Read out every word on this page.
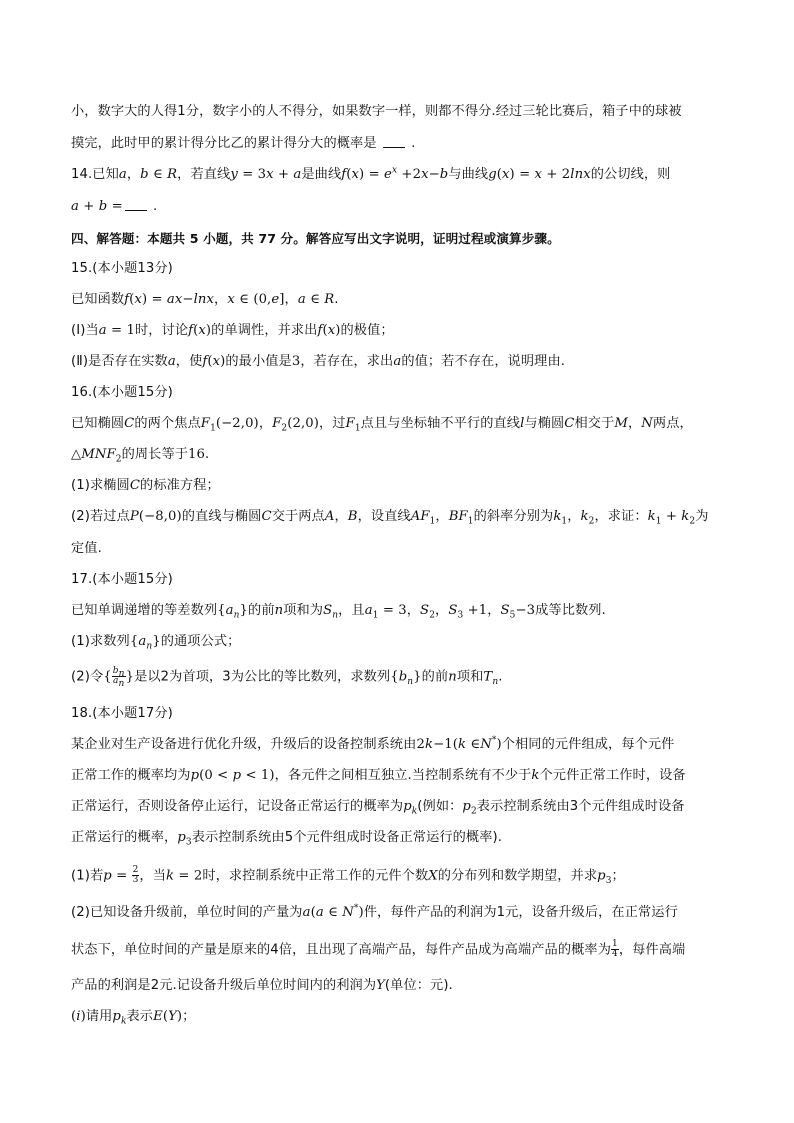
小，数字大的人得1分，数字小的人不得分，如果数字一样，则都不得分.经过三轮比赛后，箱子中的球被
摸完，此时甲的累计得分比乙的累计得分大的概率是  .
14.已知a，b ∈ R，若直线y = 3x + a是曲线$f(x) = e^x +2x-b$与曲线g(x) = x + 2lnx的公切线，则
a + b = .
四、解答题：本题共 5 小题，共 77 分。解答应写出文字说明，证明过程或演算步骤。
15.(本小题13分)
已知函数f(x) = ax−lnx，x ∈ (0,e]，a ∈ R.
(Ⅰ)当a = 1时，讨论f(x)的单调性，并求出f(x)的极值；
(Ⅱ)是否存在实数a，使f(x)的最小值是3，若存在，求出a的值；若不存在，说明理由.
16.(本小题15分)
已知椭圆C的两个焦点$F_1(-2,0)$，$F_2(2,0)$，过$F_1$点且与坐标轴不平行的直线l与椭圆C相交于M，N两点，
$\triangle MNF_2$的周长等于16.
(1)求椭圆C的标准方程；
(2)若过点P(−8,0)的直线与椭圆C交于两点A，B，设直线$AF_1$，$BF_1$的斜率分别为$k_1$，$k_2$，求证：$k_1 + k_2$为
定值.
17.(本小题15分)
已知单调递增的等差数列$\{a_n\}$的前n项和为$S_n$，且$a_1 = 3$，$S_2$，$S_3 +1$，$S_5-3$成等比数列.
(1)求数列$\{a_n\}$的通项公式；
(2)令{ $\frac{b_n}{a_n}$ }是以2为首项，3为公比的等比数列，求数列$\{b_n\}$的前n项和$T_n$.
18.(本小题17分)
某企业对生产设备进行优化升级，升级后的设备控制系统由2k−1(k ∈N*)个相同的元件组成，每个元件
正常工作的概率均为p(0 < p < 1)，各元件之间相互独立.当控制系统有不少于k个元件正常工作时，设备
正常运行，否则设备停止运行，记设备正常运行的概率为$p_k$(例如：$p_2$表示控制系统由3个元件组成时设备
正常运行的概率，$p_3$表示控制系统由5个元件组成时设备正常运行的概率).
(1)若$p = \frac{2}{3}$ ，当k = 2时，求控制系统中正常工作的元件个数X的分布列和数学期望，并求$p_3$；
(2)已知设备升级前，单位时间的产量为a(a ∈ N*)件，每件产品的利润为1元，设备升级后，在正常运行
状态下，单位时间的产量是原来的4倍，且出现了高端产品，每件产品成为高端产品的概率为 $\frac{1}{4}$ ，每件高端
产品的利润是2元.记设备升级后单位时间内的利润为Y(单位：元).
(i)请用$p_k$表示E(Y)；
